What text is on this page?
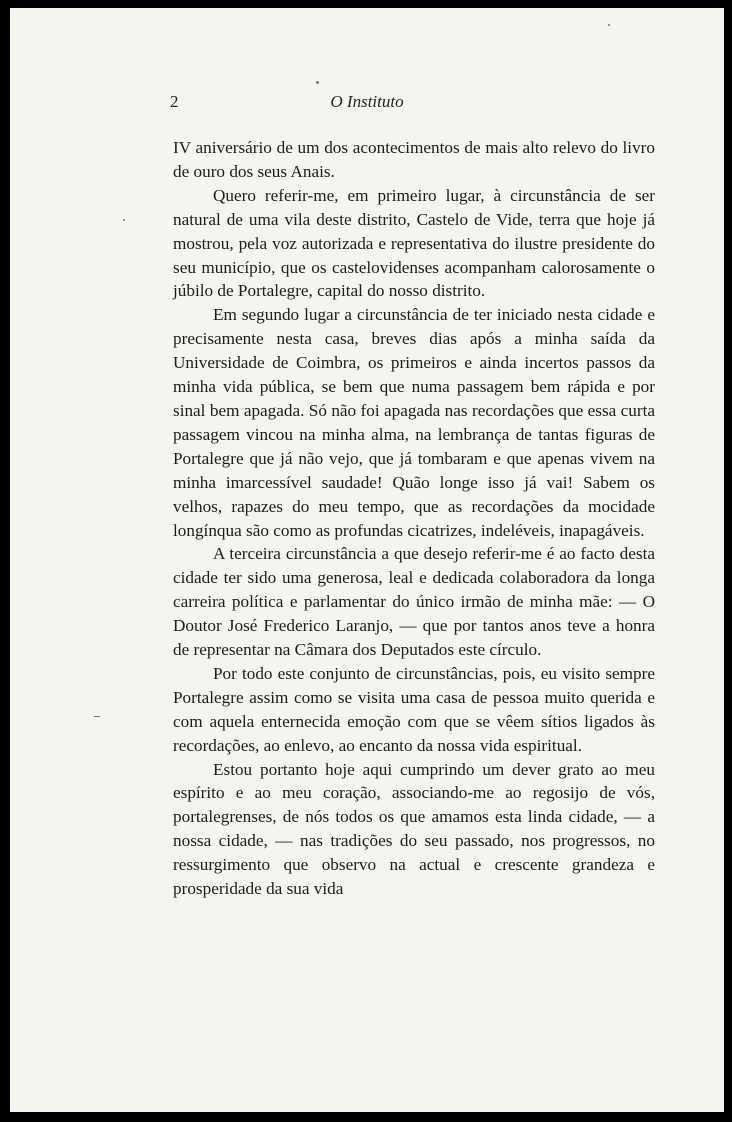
2	O Instituto

IV aniversário de um dos acontecimentos de mais alto relevo do livro de ouro dos seus Anais.

Quero referir-me, em primeiro lugar, à circunstância de ser natural de uma vila deste distrito, Castelo de Vide, terra que hoje já mostrou, pela voz autorizada e representativa do ilustre presidente do seu município, que os castelovidenses acompanham calorosamente o júbilo de Portalegre, capital do nosso distrito.

Em segundo lugar a circunstância de ter iniciado nesta cidade e precisamente nesta casa, breves dias após a minha saída da Universidade de Coimbra, os primeiros e ainda incertos passos da minha vida pública, se bem que numa passagem bem rápida e por sinal bem apagada. Só não foi apagada nas recordações que essa curta passagem vincou na minha alma, na lembrança de tantas figuras de Portalegre que já não vejo, que já tombaram e que apenas vivem na minha imarcessível saudade! Quão longe isso já vai! Sabem os velhos, rapazes do meu tempo, que as recordações da mocidade longínqua são como as profundas cicatrizes, indeléveis, inapagáveis.

A terceira circunstância a que desejo referir-me é ao facto desta cidade ter sido uma generosa, leal e dedicada colaboradora da longa carreira política e parlamentar do único irmão de minha mãe: — O Doutor José Frederico Laranjo, — que por tantos anos teve a honra de representar na Câmara dos Deputados este círculo.

Por todo este conjunto de circunstâncias, pois, eu visito sempre Portalegre assim como se visita uma casa de pessoa muito querida e com aquela enternecida emoção com que se vêem sítios ligados às recordações, ao enlevo, ao encanto da nossa vida espiritual.

Estou portanto hoje aqui cumprindo um dever grato ao meu espírito e ao meu coração, associando-me ao regosijo de vós, portalegrenses, de nós todos os que amamos esta linda cidade, — a nossa cidade, — nas tradições do seu passado, nos progressos, no ressurgimento que observo na actual e crescente grandeza e prosperidade da sua vida
